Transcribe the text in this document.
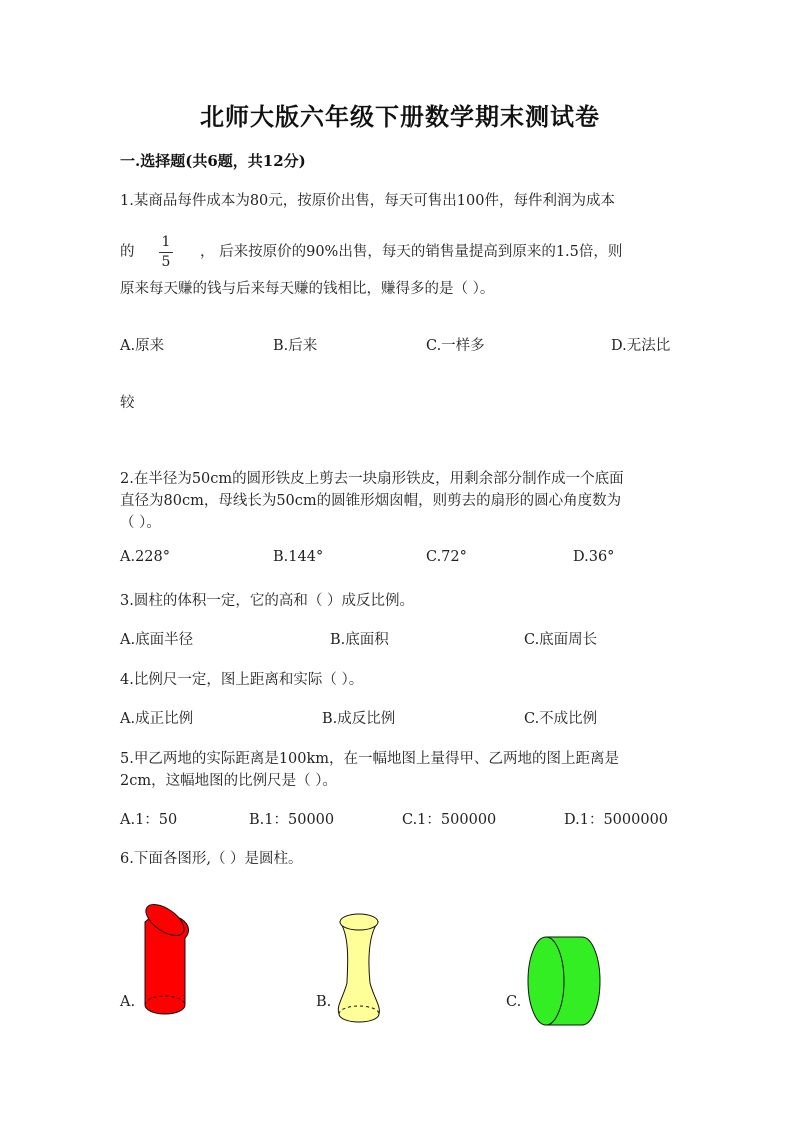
北师大版六年级下册数学期末测试卷
一.选择题(共6题，共12分)
1.某商品每件成本为80元，按原价出售，每天可售出100件，每件利润为成本
的
1
5
， 后来按原价的90%出售，每天的销售量提高到原来的1.5倍，则
原来每天赚的钱与后来每天赚的钱相比，赚得多的是（ ）。
A.原来	B.后来	C.一样多	D.无法比
较
2.在半径为50cm的圆形铁皮上剪去一块扇形铁皮，用剩余部分制作成一个底面
直径为80cm，母线长为50cm的圆锥形烟囱帽，则剪去的扇形的圆心角度数为
（ ）。
A.228°	B.144°	C.72°	D.36°
3.圆柱的体积一定，它的高和（ ）成反比例。
A.底面半径	B.底面积	C.底面周长
4.比例尺一定，图上距离和实际（ ）。
A.成正比例	B.成反比例	C.不成比例
5.甲乙两地的实际距离是100km，在一幅地图上量得甲、乙两地的图上距离是
2cm，这幅地图的比例尺是（ ）。
A.1：50	B.1：50000	C.1：500000	D.1：5000000
6.下面各图形,（ ）是圆柱。
A.	B.	C.
